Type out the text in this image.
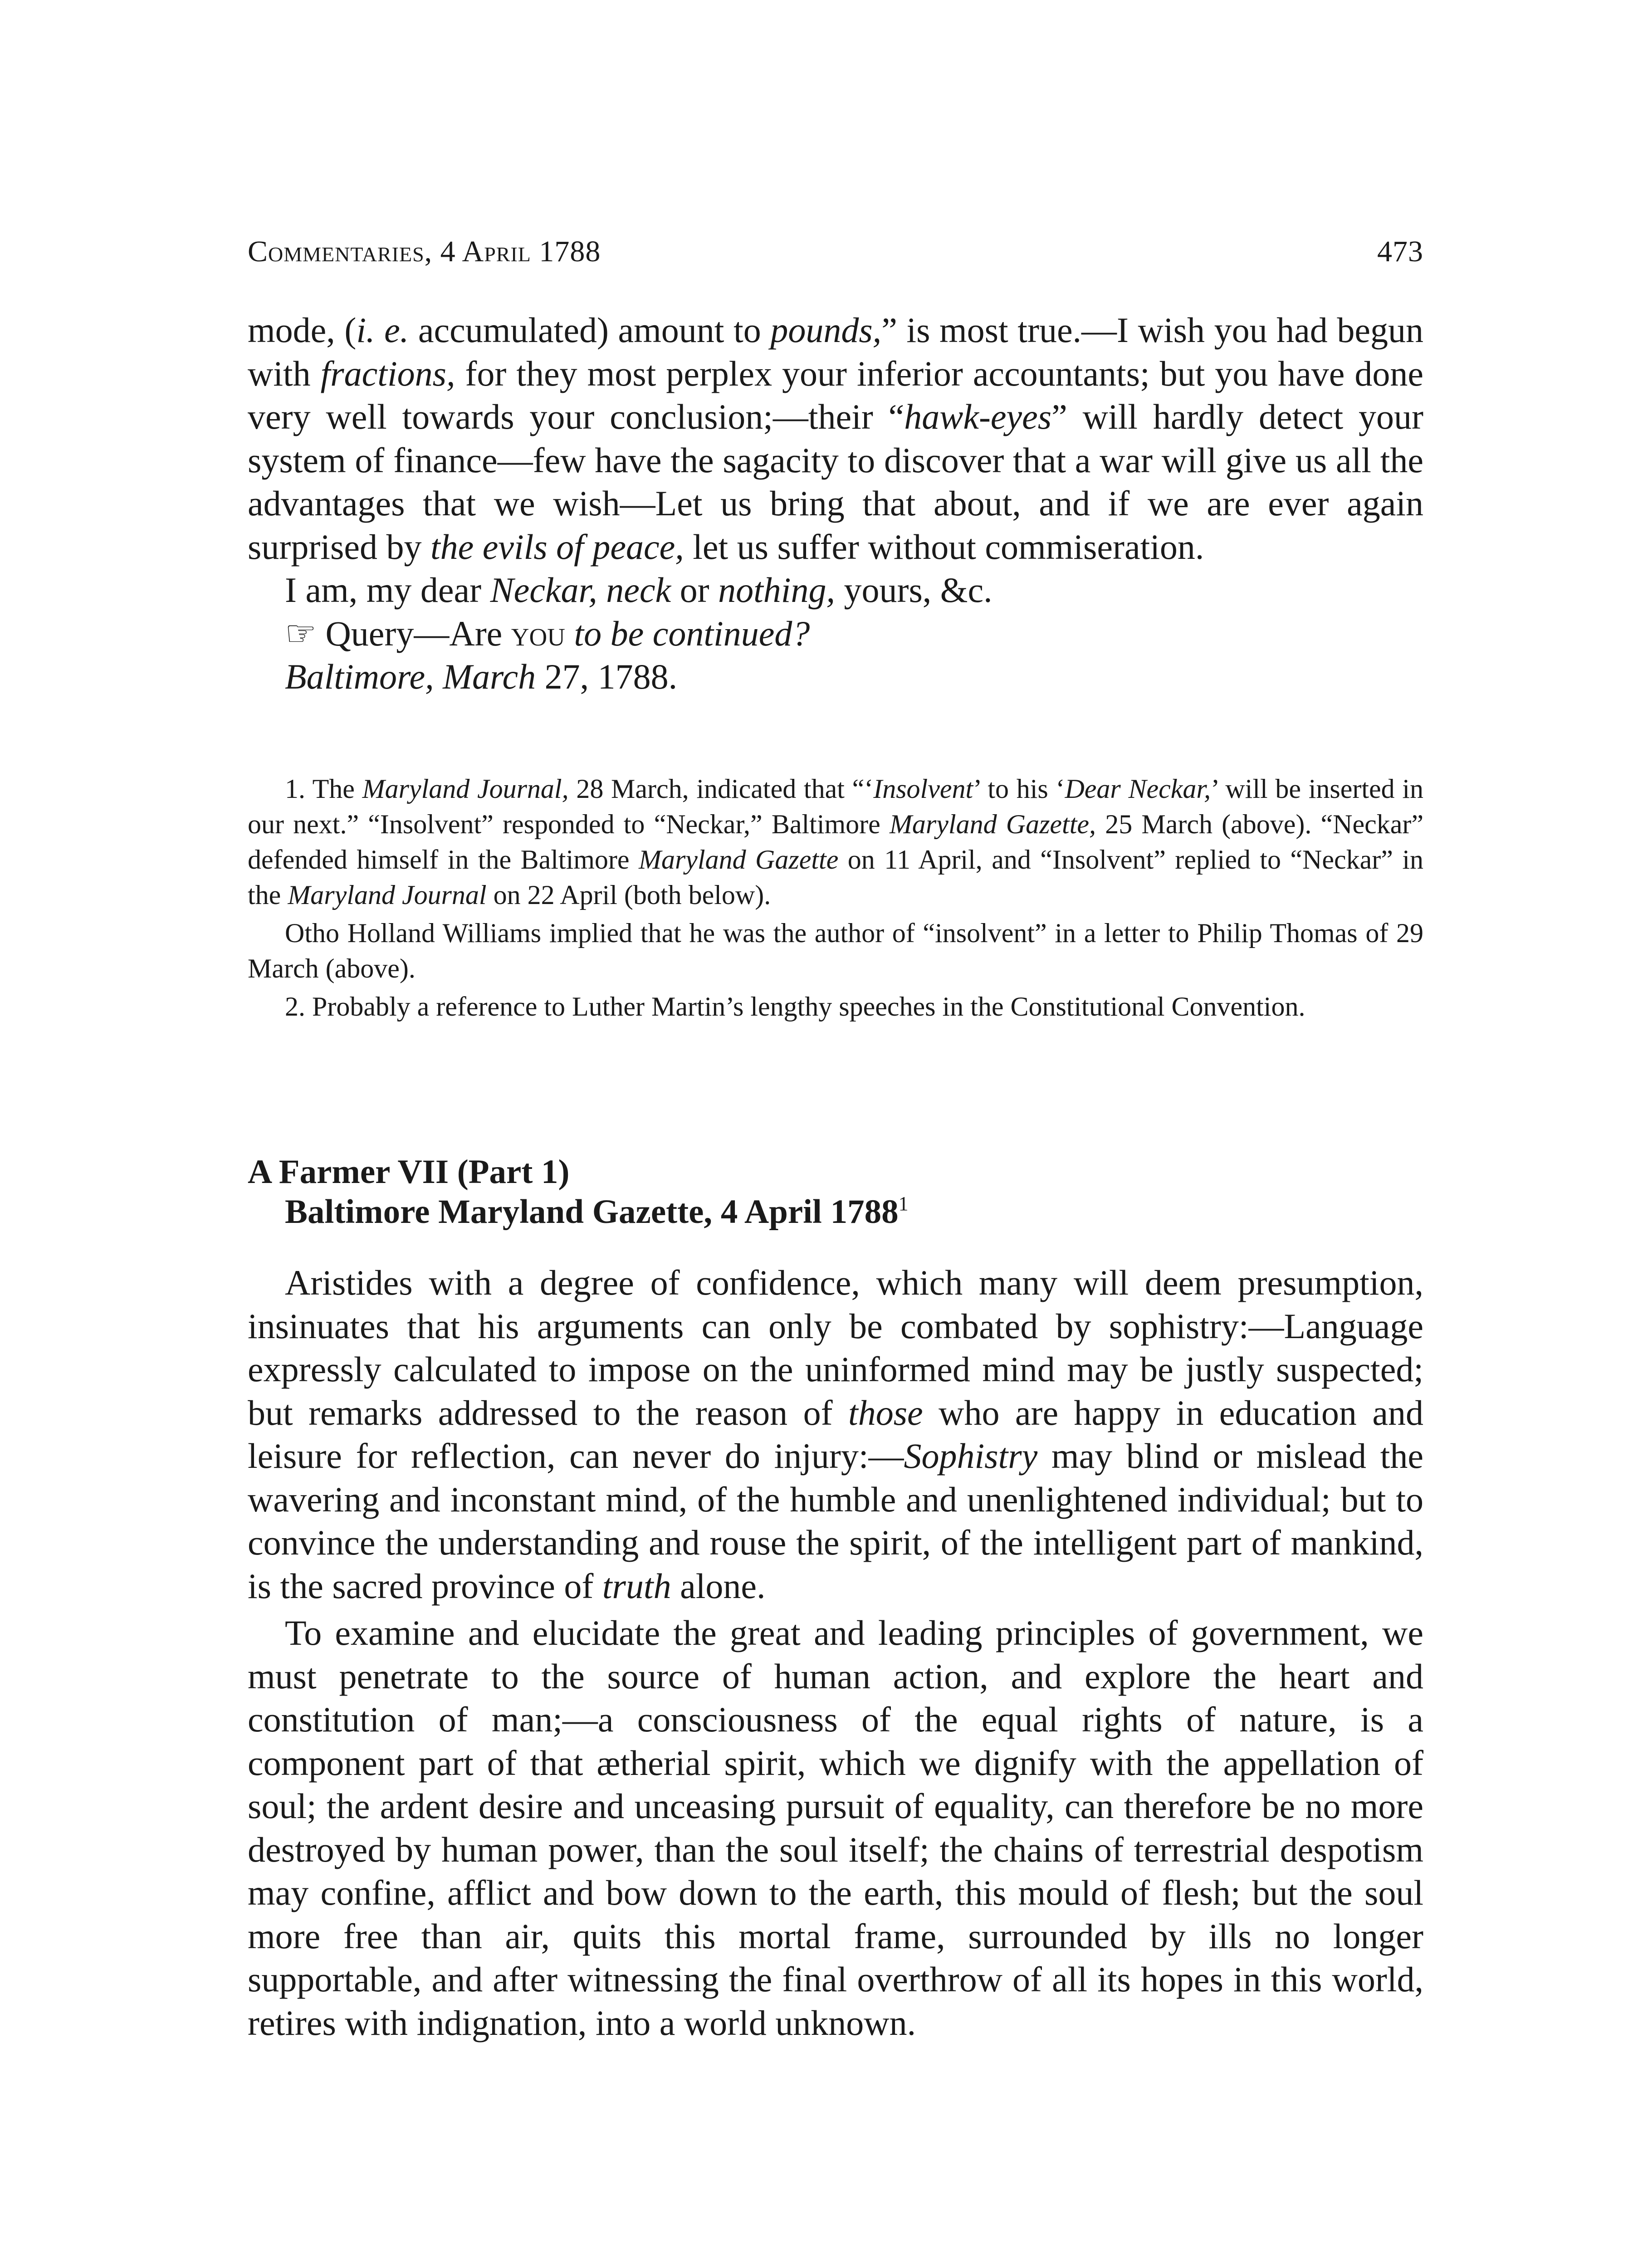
Commentaries, 4 April 1788	473

mode, (i. e. accumulated) amount to pounds,” is most true.—I wish you had begun with fractions, for they most perplex your inferior accountants; but you have done very well towards your conclusion;—their “hawk-eyes” will hardly detect your system of finance—few have the sagacity to discover that a war will give us all the advantages that we wish—Let us bring that about, and if we are ever again surprised by the evils of peace, let us suffer without commiseration.

I am, my dear Neckar, neck or nothing, yours, &c.

☞ Query—Are you to be continued?

Baltimore, March 27, 1788.

1. The Maryland Journal, 28 March, indicated that “‘Insolvent’ to his ‘Dear Neckar,’ will be inserted in our next.” “Insolvent” responded to “Neckar,” Baltimore Maryland Gazette, 25 March (above). “Neckar” defended himself in the Baltimore Maryland Gazette on 11 April, and “Insolvent” replied to “Neckar” in the Maryland Journal on 22 April (both below).

Otho Holland Williams implied that he was the author of “insolvent” in a letter to Philip Thomas of 29 March (above).

2. Probably a reference to Luther Martin’s lengthy speeches in the Constitutional Convention.

A Farmer VII (Part 1)
Baltimore Maryland Gazette, 4 April 1788$^1$

Aristides with a degree of confidence, which many will deem presumption, insinuates that his arguments can only be combated by sophistry:—Language expressly calculated to impose on the uninformed mind may be justly suspected; but remarks addressed to the reason of those who are happy in education and leisure for reflection, can never do injury:—Sophistry may blind or mislead the wavering and inconstant mind, of the humble and unenlightened individual; but to convince the understanding and rouse the spirit, of the intelligent part of mankind, is the sacred province of truth alone.

To examine and elucidate the great and leading principles of government, we must penetrate to the source of human action, and explore the heart and constitution of man;—a consciousness of the equal rights of nature, is a component part of that ætherial spirit, which we dignify with the appellation of soul; the ardent desire and unceasing pursuit of equality, can therefore be no more destroyed by human power, than the soul itself; the chains of terrestrial despotism may confine, afflict and bow down to the earth, this mould of flesh; but the soul more free than air, quits this mortal frame, surrounded by ills no longer supportable, and after witnessing the final overthrow of all its hopes in this world, retires with indignation, into a world unknown.
